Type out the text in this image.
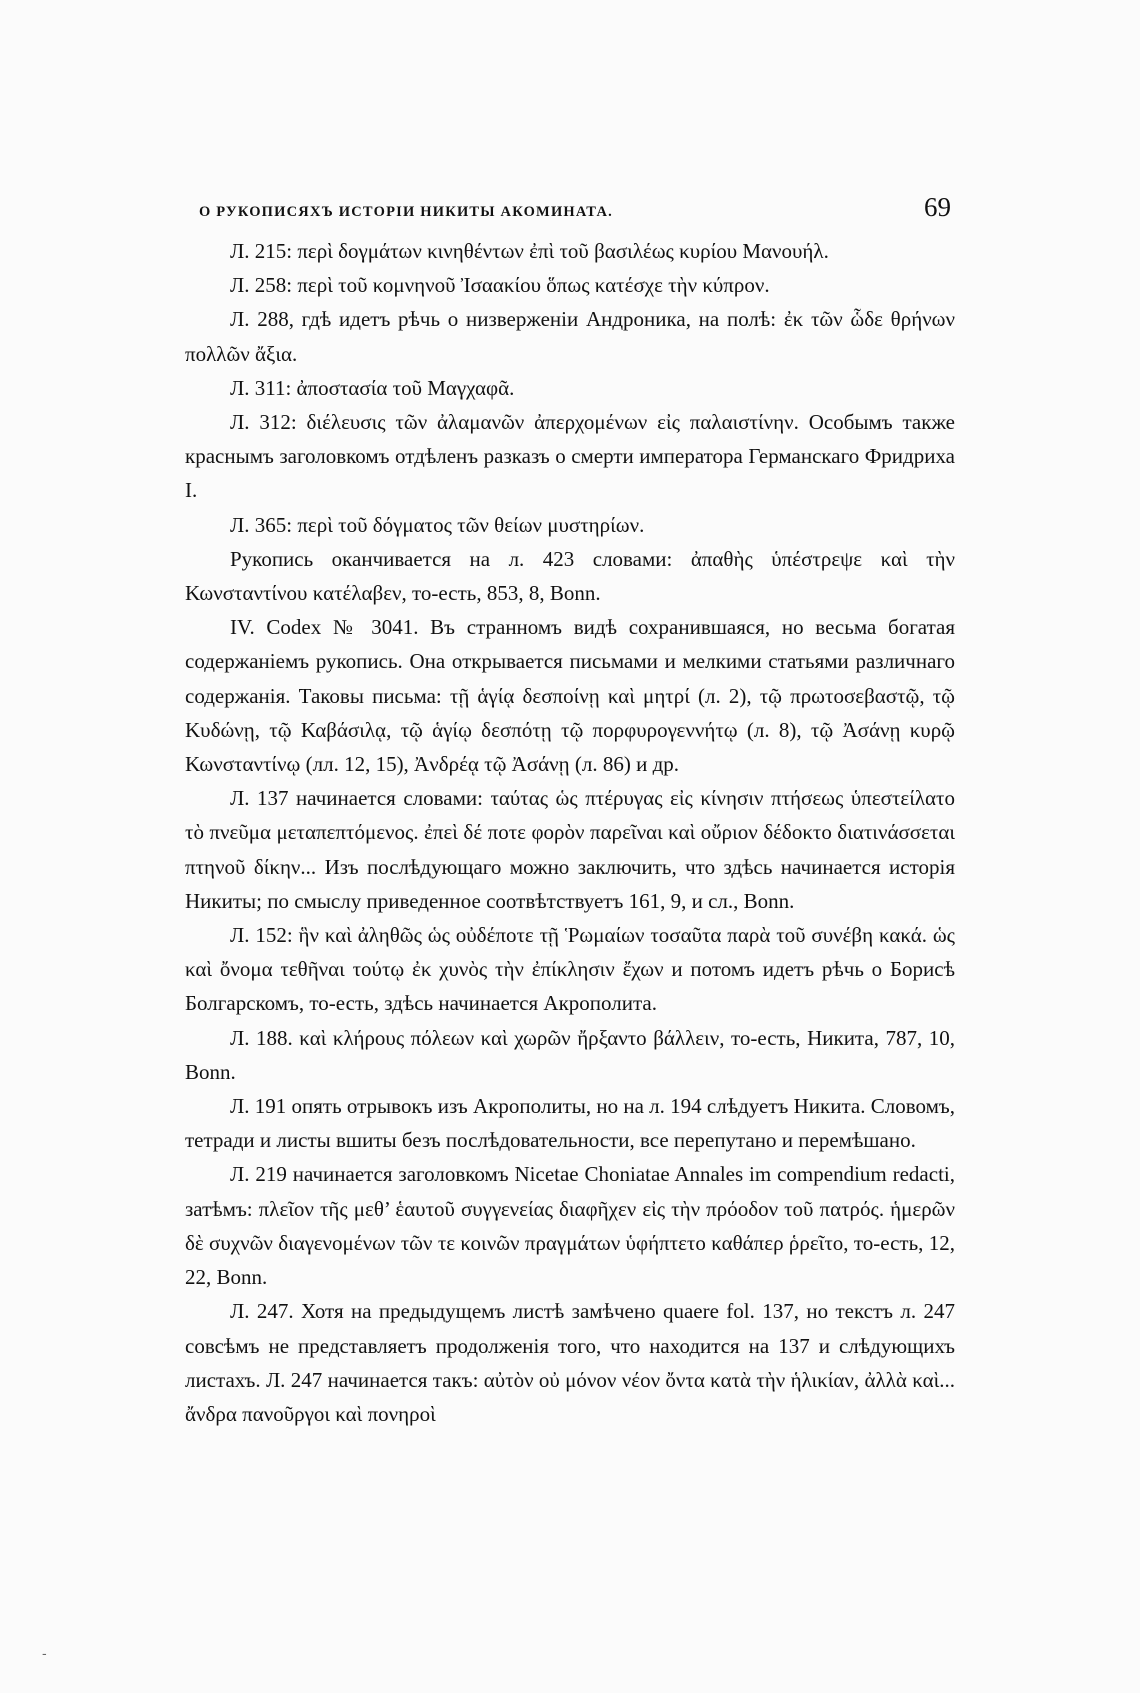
О РУКОПИСЯХЪ ИСТОРІИ НИКИТЫ АКОМИНАТА.	69

Л. 215: περὶ δογμάτων κινηθέντων ἐπὶ τοῦ βασιλέως κυρίου Μανουήλ.

Л. 258: περὶ τοῦ κομνηνοῦ Ἰσαακίου ὅπως κατέσχε τὴν κύπρον.

Л. 288, гдѣ идетъ рѣчь о низверженіи Андроника, на полѣ: ἐκ τῶν ὧδε θρήνων πολλῶν ἄξια.

Л. 311: ἀποστασία τοῦ Μαγχαφᾶ.

Л. 312: διέλευσις τῶν ἀλαμανῶν ἀπερχομένων εἰς παλαιστίνην. Особымъ также краснымъ заголовкомъ отдѣленъ разказъ о смерти императора Германскаго Фридриха I.

Л. 365: περὶ τοῦ δόγματος τῶν θείων μυστηρίων.

Рукопись оканчивается на л. 423 словами: ἀπαθὴς ὑπέστρεψε καὶ τὴν Κωνσταντίνου κατέλαβεν, то-есть, 853, 8, Bonn.

IV. Codex № 3041. Въ странномъ видѣ сохранившаяся, но весьма богатая содержаніемъ рукопись. Она открывается письмами и мелкими статьями различнаго содержанія. Таковы письма: τῇ ἁγίᾳ δεσποίνῃ καὶ μητρί (л. 2), τῷ πρωτοσεβαστῷ, τῷ Κυδώνῃ, τῷ Καβάσιλᾳ, τῷ ἁγίῳ δεσπότῃ τῷ πορφυρογεννήτῳ (л. 8), τῷ Ἀσάνῃ κυρῷ Κωνσταντίνῳ (лл. 12, 15), Ἀνδρέᾳ τῷ Ἀσάνῃ (л. 86) и др.

Л. 137 начинается словами: ταύτας ὡς πτέρυγας εἰς κίνησιν πτήσεως ὑπεστείλατο τὸ πνεῦμα μεταπεπτόμενος. ἐπεὶ δέ ποτε φορὸν παρεῖναι καὶ οὔριον δέδοκτο διατινάσσεται πτηνοῦ δίκην... Изъ послѣдующаго можно заключить, что здѣсь начинается исторія Никиты; по смыслу приведенное соотвѣтствуетъ 161, 9, и сл., Bonn.

Л. 152: ἣν καὶ ἀληθῶς ὡς οὐδέποτε τῇ Ῥωμαίων τοσαῦτα παρὰ τοῦ συνέβη κακά. ὡς καὶ ὄνομα τεθῆναι τούτῳ ἐκ χυνὸς τὴν ἐπίκλησιν ἔχων и потомъ идетъ рѣчь о Борисѣ Болгарскомъ, то-есть, здѣсь начинается Акрополита.

Л. 188. καὶ κλήρους πόλεων καὶ χωρῶν ἤρξαντο βάλλειν, то-есть, Никита, 787, 10, Bonn.

Л. 191 опять отрывокъ изъ Акрополиты, но на л. 194 слѣдуетъ Никита. Словомъ, тетради и листы вшиты безъ послѣдовательности, все перепутано и перемѣшано.

Л. 219 начинается заголовкомъ Nicetae Choniatae Annales im compendium redacti, затѣмъ: πλεῖον τῆς μεθ’ ἑαυτοῦ συγγενείας διαφῆχεν εἰς τὴν πρόοδον τοῦ πατρός. ἡμερῶν δὲ συχνῶν διαγενομένων τῶν τε κοινῶν πραγμάτων ὑφήπτετο καθάπερ ῥρεῖτο, то-есть, 12, 22, Bonn.

Л. 247. Хотя на предыдущемъ листѣ замѣчено quaere fol. 137, но текстъ л. 247 совсѣмъ не представляетъ продолженія того, что находится на 137 и слѣдующихъ листахъ. Л. 247 начинается такъ: αὐτὸν οὐ μόνον νέον ὄντα κατὰ τὴν ἡλικίαν, ἀλλὰ καὶ... ἄνδρα πανοῦργοι καὶ πονηροὶ

-
